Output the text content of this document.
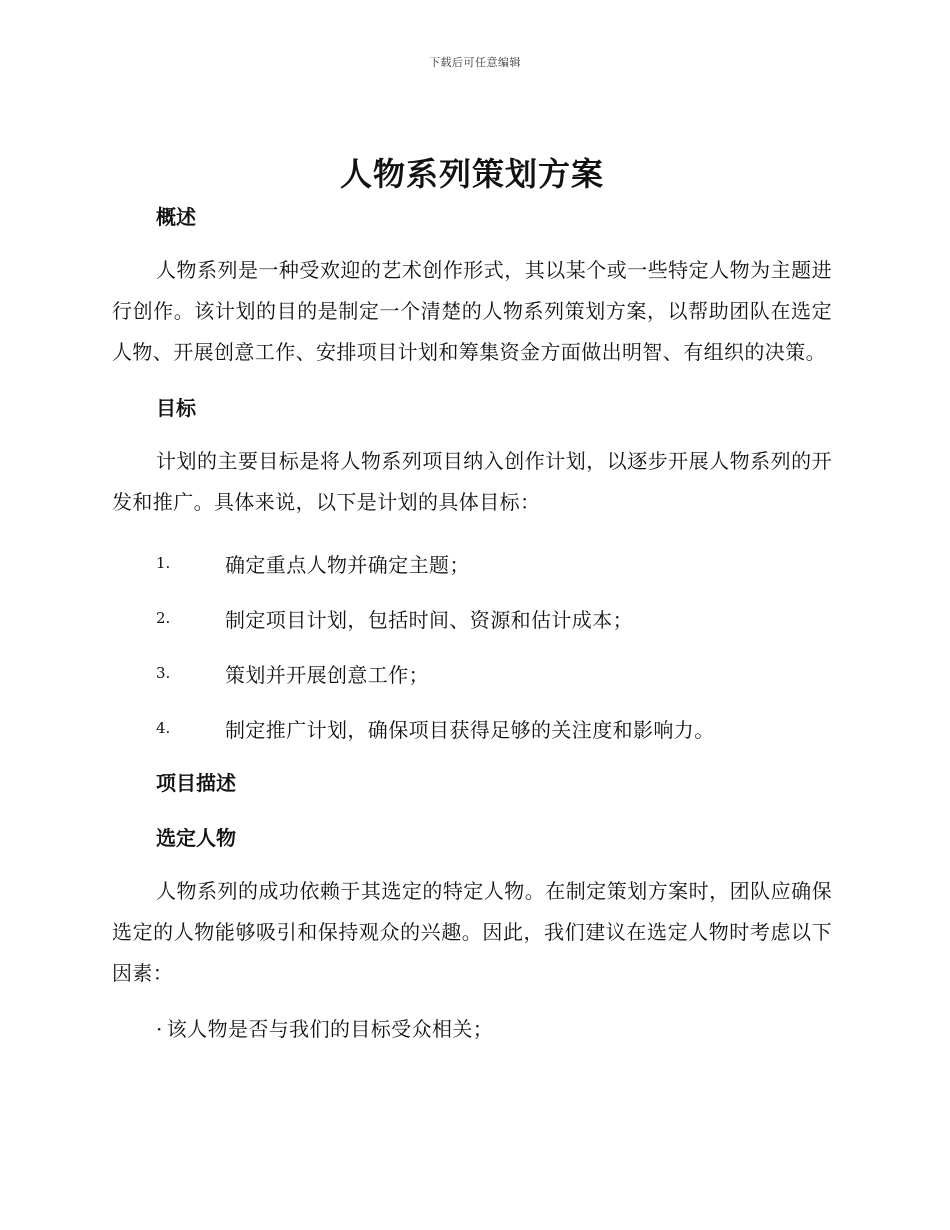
下载后可任意编辑
人物系列策划方案
概述

人物系列是一种受欢迎的艺术创作形式，其以某个或一些特定人物为主题进行创作。该计划的目的是制定一个清楚的人物系列策划方案，以帮助团队在选定人物、开展创意工作、安排项目计划和筹集资金方面做出明智、有组织的决策。

目标

计划的主要目标是将人物系列项目纳入创作计划，以逐步开展人物系列的开发和推广。具体来说，以下是计划的具体目标：

1.	确定重点人物并确定主题；
2.	制定项目计划，包括时间、资源和估计成本；
3.	策划并开展创意工作；
4.	制定推广计划，确保项目获得足够的关注度和影响力。
项目描述
选定人物

人物系列的成功依赖于其选定的特定人物。在制定策划方案时，团队应确保选定的人物能够吸引和保持观众的兴趣。因此，我们建议在选定人物时考虑以下因素：

· 该人物是否与我们的目标受众相关；
